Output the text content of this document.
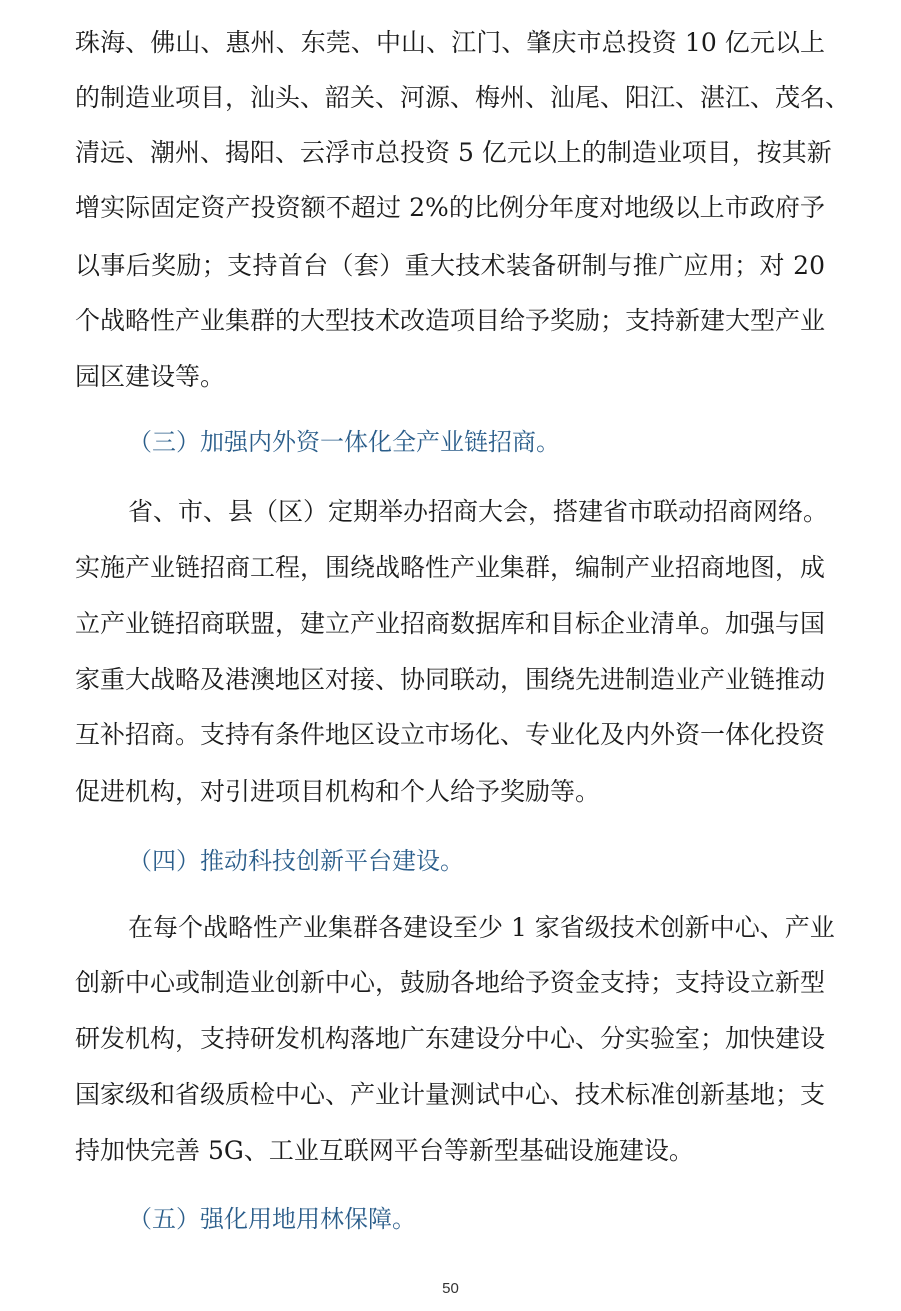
珠海、佛山、惠州、东莞、中山、江门、肇庆市总投资 10 亿元以上
的制造业项目，汕头、韶关、河源、梅州、汕尾、阳江、湛江、茂名、
清远、潮州、揭阳、云浮市总投资 5 亿元以上的制造业项目，按其新
增实际固定资产投资额不超过 2%的比例分年度对地级以上市政府予
以事后奖励；支持首台（套）重大技术装备研制与推广应用；对 20
个战略性产业集群的大型技术改造项目给予奖励；支持新建大型产业
园区建设等。
（三）加强内外资一体化全产业链招商。
省、市、县（区）定期举办招商大会，搭建省市联动招商网络。
实施产业链招商工程，围绕战略性产业集群，编制产业招商地图，成
立产业链招商联盟，建立产业招商数据库和目标企业清单。加强与国
家重大战略及港澳地区对接、协同联动，围绕先进制造业产业链推动
互补招商。支持有条件地区设立市场化、专业化及内外资一体化投资
促进机构，对引进项目机构和个人给予奖励等。
（四）推动科技创新平台建设。
在每个战略性产业集群各建设至少 1 家省级技术创新中心、产业
创新中心或制造业创新中心，鼓励各地给予资金支持；支持设立新型
研发机构，支持研发机构落地广东建设分中心、分实验室；加快建设
国家级和省级质检中心、产业计量测试中心、技术标准创新基地；支
持加快完善 5G、工业互联网平台等新型基础设施建设。
（五）强化用地用林保障。
50
